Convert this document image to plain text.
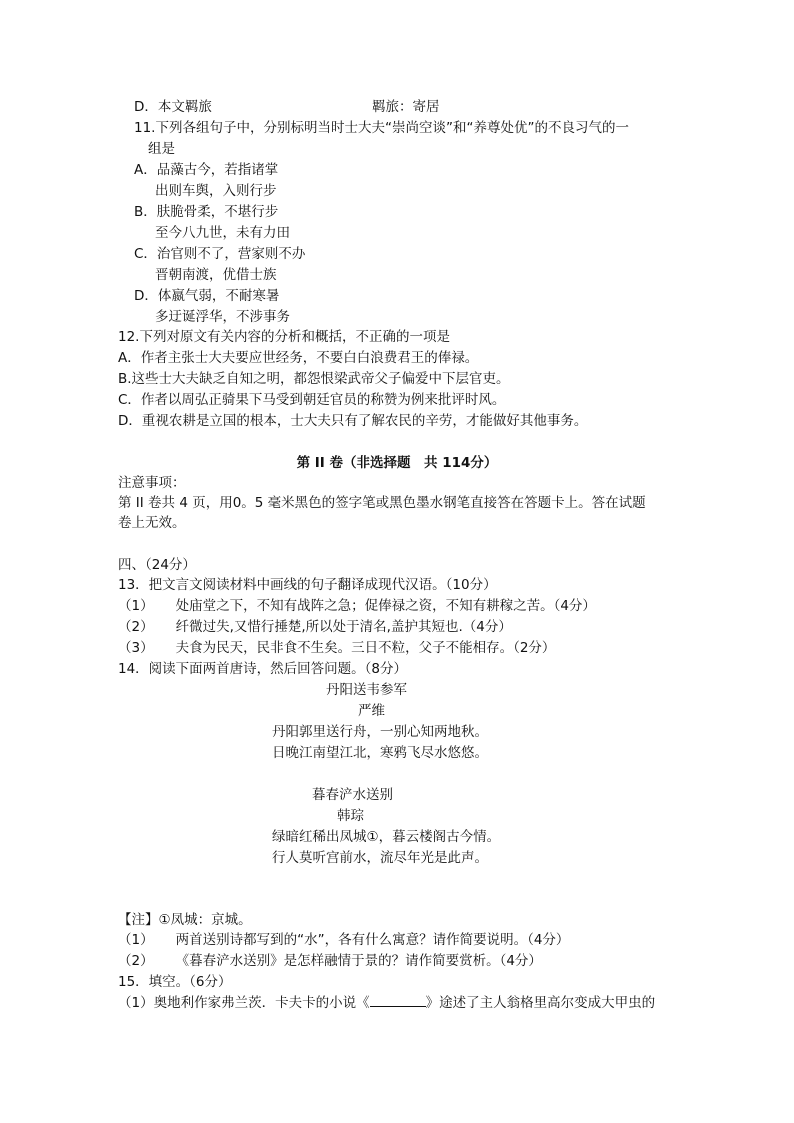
D．本文羁旅	羁旅：寄居
11.下列各组句子中，分别标明当时士大夫“崇尚空谈”和“养尊处优”的不良习气的一
组是
A．品藻古今，若指诸掌
出则车舆，入则行步
B．肤脆骨柔，不堪行步
至今八九世，未有力田
C．治官则不了，营家则不办
晋朝南渡，优借士族
D．体嬴气弱，不耐寒暑
多迂诞浮华，不涉事务
12.下列对原文有关内容的分析和概括，不正确的一项是
A．作者主张士大夫要应世经务，不要白白浪费君王的俸禄。
B.这些士大夫缺乏自知之明，都怨恨梁武帝父子偏爱中下层官吏。
C．作者以周弘正骑果下马受到朝廷官员的称赞为例来批评时风。
D．重视农耕是立国的根本，士大夫只有了解农民的辛劳，才能做好其他事务。
第 II 卷（非选择题　共 114分）
注意事项：
第 II 卷共 4 页，用0。5 毫米黑色的签字笔或黑色墨水钢笔直接答在答题卡上。答在试题
卷上无效。
四、（24分）
13．把文言文阅读材料中画线的句子翻译成现代汉语。（10分）
（1） 处庙堂之下，不知有战阵之急；促俸禄之资，不知有耕稼之苦。（4分）
（2） 纤微过失,又惜行捶楚,所以处于清名,盖护其短也.（4分）
（3） 夫食为民天，民非食不生矣。三日不粒，父子不能相存。（2分）
14．阅读下面两首唐诗，然后回答问题。（8分）
丹阳送韦参军
严维
丹阳郭里送行舟，一别心知两地秋。
日晚江南望江北，寒鸦飞尽水悠悠。
暮春浐水送别
韩琮
绿暗红稀出凤城①，暮云楼阁古今情。
行人莫听宫前水，流尽年光是此声。
【注】①凤城：京城。
（1） 两首送别诗都写到的“水”，各有什么寓意？请作简要说明。（4分）
（2） 《暮春浐水送别》是怎样融情于景的？请作简要赏析。（4分）
15．填空。（6分）
（1）奥地利作家弗兰茨．卡夫卡的小说《	》途述了主人翁格里高尔变成大甲虫的
